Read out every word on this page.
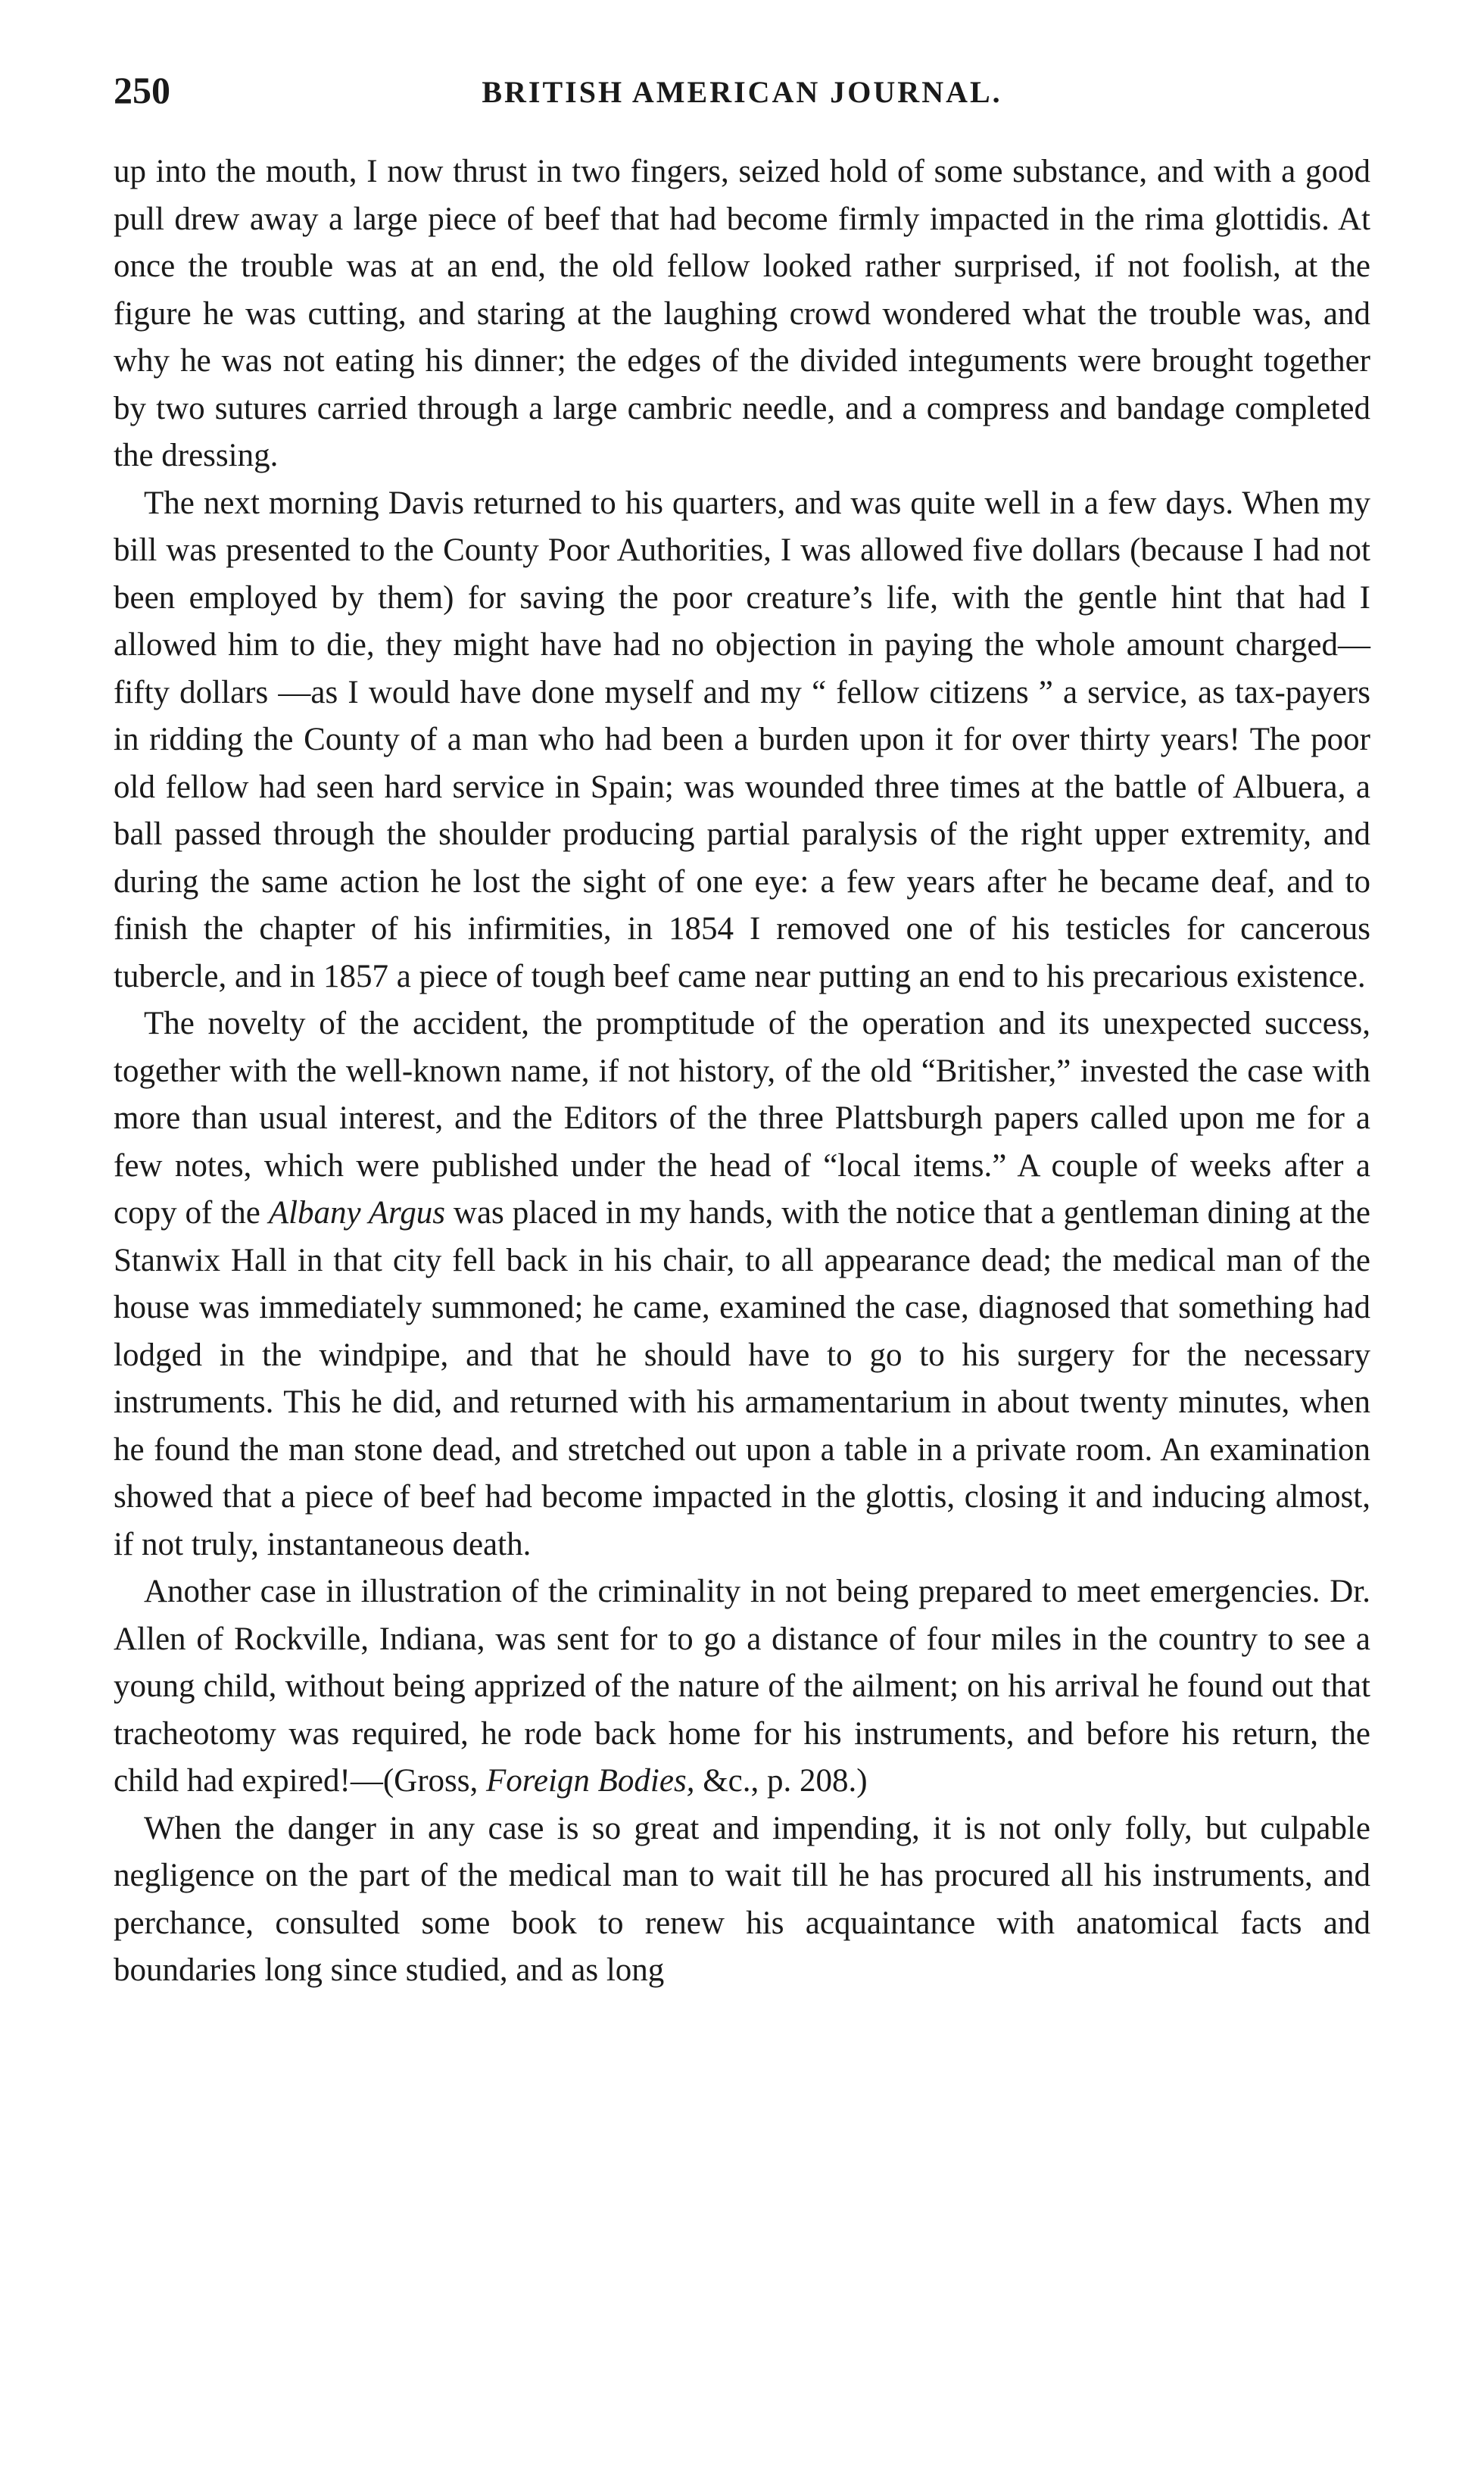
250	BRITISH AMERICAN JOURNAL.

up into the mouth, I now thrust in two fingers, seized hold of some substance, and with a good pull drew away a large piece of beef that had become firmly impacted in the rima glottidis. At once the trouble was at an end, the old fellow looked rather surprised, if not foolish, at the figure he was cutting, and staring at the laughing crowd wondered what the trouble was, and why he was not eating his dinner; the edges of the divided integuments were brought together by two sutures carried through a large cambric needle, and a compress and bandage completed the dressing.

The next morning Davis returned to his quarters, and was quite well in a few days. When my bill was presented to the County Poor Authorities, I was allowed five dollars (because I had not been employed by them) for saving the poor creature’s life, with the gentle hint that had I allowed him to die, they might have had no objection in paying the whole amount charged—fifty dollars —as I would have done myself and my “ fellow citizens ” a service, as tax-payers in ridding the County of a man who had been a burden upon it for over thirty years! The poor old fellow had seen hard service in Spain; was wounded three times at the battle of Albuera, a ball passed through the shoulder producing partial paralysis of the right upper extremity, and during the same action he lost the sight of one eye: a few years after he became deaf, and to finish the chapter of his infirmities, in 1854 I removed one of his testicles for cancerous tubercle, and in 1857 a piece of tough beef came near putting an end to his precarious existence.

The novelty of the accident, the promptitude of the operation and its unexpected success, together with the well-known name, if not history, of the old “Britisher,” invested the case with more than usual interest, and the Editors of the three Plattsburgh papers called upon me for a few notes, which were published under the head of “local items.” A couple of weeks after a copy of the Albany Argus was placed in my hands, with the notice that a gentleman dining at the Stanwix Hall in that city fell back in his chair, to all appearance dead; the medical man of the house was immediately summoned; he came, examined the case, diagnosed that something had lodged in the windpipe, and that he should have to go to his surgery for the necessary instruments. This he did, and returned with his armamentarium in about twenty minutes, when he found the man stone dead, and stretched out upon a table in a private room. An examination showed that a piece of beef had become impacted in the glottis, closing it and inducing almost, if not truly, instantaneous death.

Another case in illustration of the criminality in not being prepared to meet emergencies. Dr. Allen of Rockville, Indiana, was sent for to go a distance of four miles in the country to see a young child, without being apprized of the nature of the ailment; on his arrival he found out that tracheotomy was required, he rode back home for his instruments, and before his return, the child had expired!—(Gross, Foreign Bodies, &c., p. 208.)

When the danger in any case is so great and impending, it is not only folly, but culpable negligence on the part of the medical man to wait till he has procured all his instruments, and perchance, consulted some book to renew his acquaintance with anatomical facts and boundaries long since studied, and as long
